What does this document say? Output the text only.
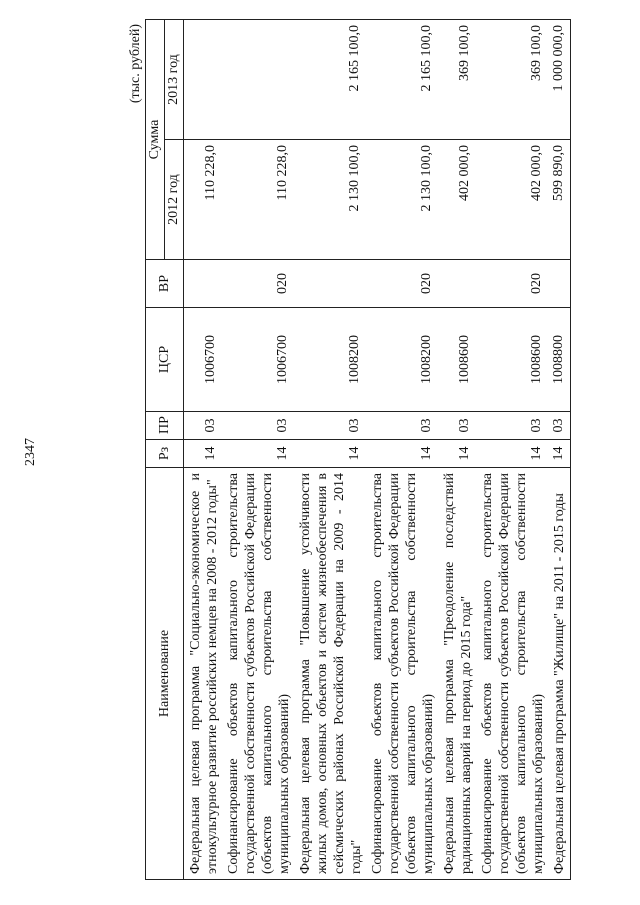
2347
(тыс. рублей)
Наименование	Рз	ПР	ЦСР	ВР	Сумма	
					2012 год	2013 год

Федеральная целевая программа "Социально-экономическое и этнокультурное развитие российских немцев на 2008 - 2012 годы"	14	03	1006700		110 228,0	

Софинансирование объектов капитального строительства государственной собственности субъектов Российской Федерации (объектов капитального строительства собственности муниципальных образований)	14	03	1006700	020	110 228,0	

Федеральная целевая программа "Повышение устойчивости жилых домов, основных объектов и систем жизнеобеспечения в сейсмических районах Российской Федерации на 2009 - 2014 годы"	14	03	1008200		2 130 100,0	2 165 100,0

Софинансирование объектов капитального строительства государственной собственности субъектов Российской Федерации (объектов капитального строительства собственности муниципальных образований)	14	03	1008200	020	2 130 100,0	2 165 100,0

Федеральная целевая программа "Преодоление последствий радиационных аварий на период до 2015 года"	14	03	1008600		402 000,0	369 100,0

Софинансирование объектов капитального строительства государственной собственности субъектов Российской Федерации (объектов капитального строительства собственности муниципальных образований)	14	03	1008600	020	402 000,0	369 100,0

Федеральная целевая программа "Жилище" на 2011 - 2015 годы	14	03	1008800		599 890,0	1 000 000,0
